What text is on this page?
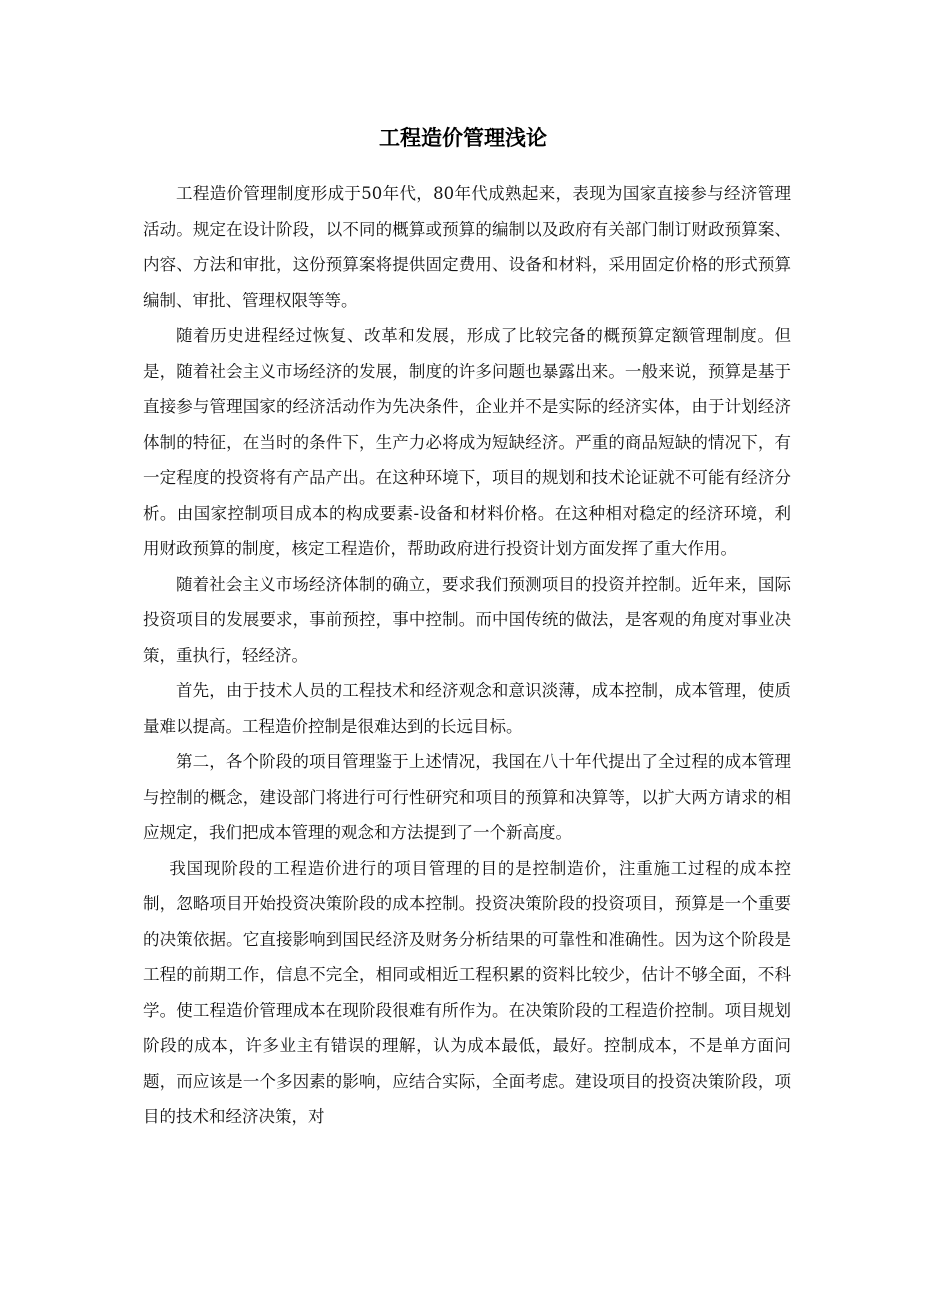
工程造价管理浅论

工程造价管理制度形成于50年代，80年代成熟起来，表现为国家直接参与经济管理活动。规定在设计阶段，以不同的概算或预算的编制以及政府有关部门制订财政预算案、内容、方法和审批，这份预算案将提供固定费用、设备和材料，采用固定价格的形式预算编制、审批、管理权限等等。

随着历史进程经过恢复、改革和发展，形成了比较完备的概预算定额管理制度。但是，随着社会主义市场经济的发展，制度的许多问题也暴露出来。一般来说，预算是基于直接参与管理国家的经济活动作为先决条件，企业并不是实际的经济实体，由于计划经济体制的特征，在当时的条件下，生产力必将成为短缺经济。严重的商品短缺的情况下，有一定程度的投资将有产品产出。在这种环境下，项目的规划和技术论证就不可能有经济分析。由国家控制项目成本的构成要素-设备和材料价格。在这种相对稳定的经济环境，利用财政预算的制度，核定工程造价，帮助政府进行投资计划方面发挥了重大作用。

随着社会主义市场经济体制的确立，要求我们预测项目的投资并控制。近年来，国际投资项目的发展要求，事前预控，事中控制。而中国传统的做法，是客观的角度对事业决策，重执行，轻经济。

首先，由于技术人员的工程技术和经济观念和意识淡薄，成本控制，成本管理，使质量难以提高。工程造价控制是很难达到的长远目标。

第二，各个阶段的项目管理鉴于上述情况，我国在八十年代提出了全过程的成本管理与控制的概念，建设部门将进行可行性研究和项目的预算和决算等，以扩大两方请求的相应规定，我们把成本管理的观念和方法提到了一个新高度。

我国现阶段的工程造价进行的项目管理的目的是控制造价，注重施工过程的成本控制，忽略项目开始投资决策阶段的成本控制。投资决策阶段的投资项目，预算是一个重要的决策依据。它直接影响到国民经济及财务分析结果的可靠性和准确性。因为这个阶段是工程的前期工作，信息不完全，相同或相近工程积累的资料比较少，估计不够全面，不科学。使工程造价管理成本在现阶段很难有所作为。在决策阶段的工程造价控制。项目规划阶段的成本，许多业主有错误的理解，认为成本最低，最好。控制成本，不是单方面问题，而应该是一个多因素的影响，应结合实际，全面考虑。建设项目的投资决策阶段，项目的技术和经济决策，对
